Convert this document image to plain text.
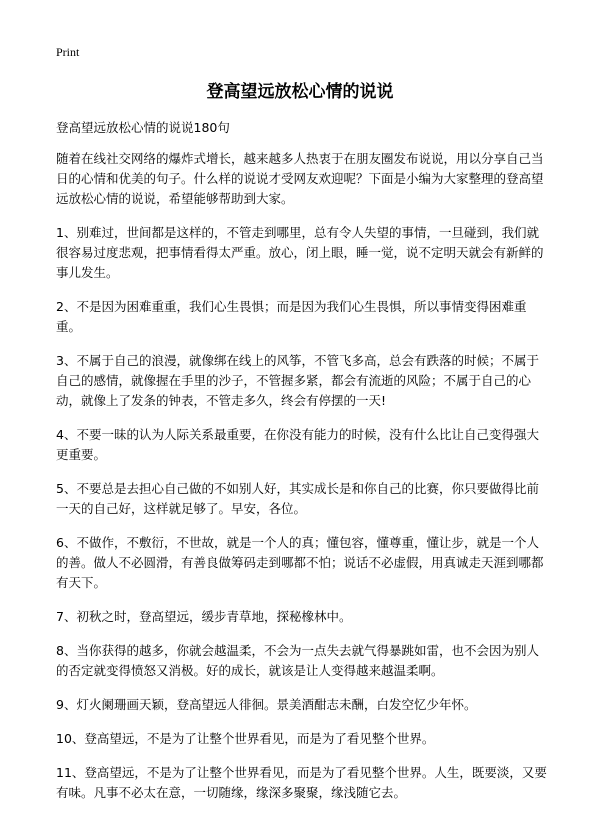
Print
登高望远放松心情的说说

登高望远放松心情的说说180句

随着在线社交网络的爆炸式增长，越来越多人热衷于在朋友圈发布说说，用以分享自己当日的心情和优美的句子。什么样的说说才受网友欢迎呢？下面是小编为大家整理的登高望远放松心情的说说，希望能够帮助到大家。

1、别难过，世间都是这样的，不管走到哪里，总有令人失望的事情，一旦碰到，我们就很容易过度悲观，把事情看得太严重。放心，闭上眼，睡一觉，说不定明天就会有新鲜的事儿发生。

2、不是因为困难重重，我们心生畏惧；而是因为我们心生畏惧，所以事情变得困难重重。

3、不属于自己的浪漫，就像绑在线上的风筝，不管飞多高，总会有跌落的时候；不属于自己的感情，就像握在手里的沙子，不管握多紧，都会有流逝的风险；不属于自己的心动，就像上了发条的钟表，不管走多久，终会有停摆的一天!

4、不要一昧的认为人际关系最重要，在你没有能力的时候，没有什么比让自己变得强大更重要。

5、不要总是去担心自己做的不如别人好，其实成长是和你自己的比赛，你只要做得比前一天的自己好，这样就足够了。早安，各位。

6、不做作，不敷衍，不世故，就是一个人的真；懂包容，懂尊重，懂让步，就是一个人的善。做人不必圆滑，有善良做筹码走到哪都不怕；说话不必虚假，用真诚走天涯到哪都有天下。

7、初秋之时，登高望远，缓步青草地，探秘橡林中。

8、当你获得的越多，你就会越温柔，不会为一点失去就气得暴跳如雷，也不会因为别人的否定就变得愤怒又消极。好的成长，就该是让人变得越来越温柔啊。

9、灯火阑珊画天颖，登高望远人徘徊。景美酒酣志未酬，白发空忆少年怀。

10、登高望远，不是为了让整个世界看见，而是为了看见整个世界。

11、登高望远，不是为了让整个世界看见，而是为了看见整个世界。人生，既要淡，又要有味。凡事不必太在意，一切随缘，缘深多聚聚，缘浅随它去。
